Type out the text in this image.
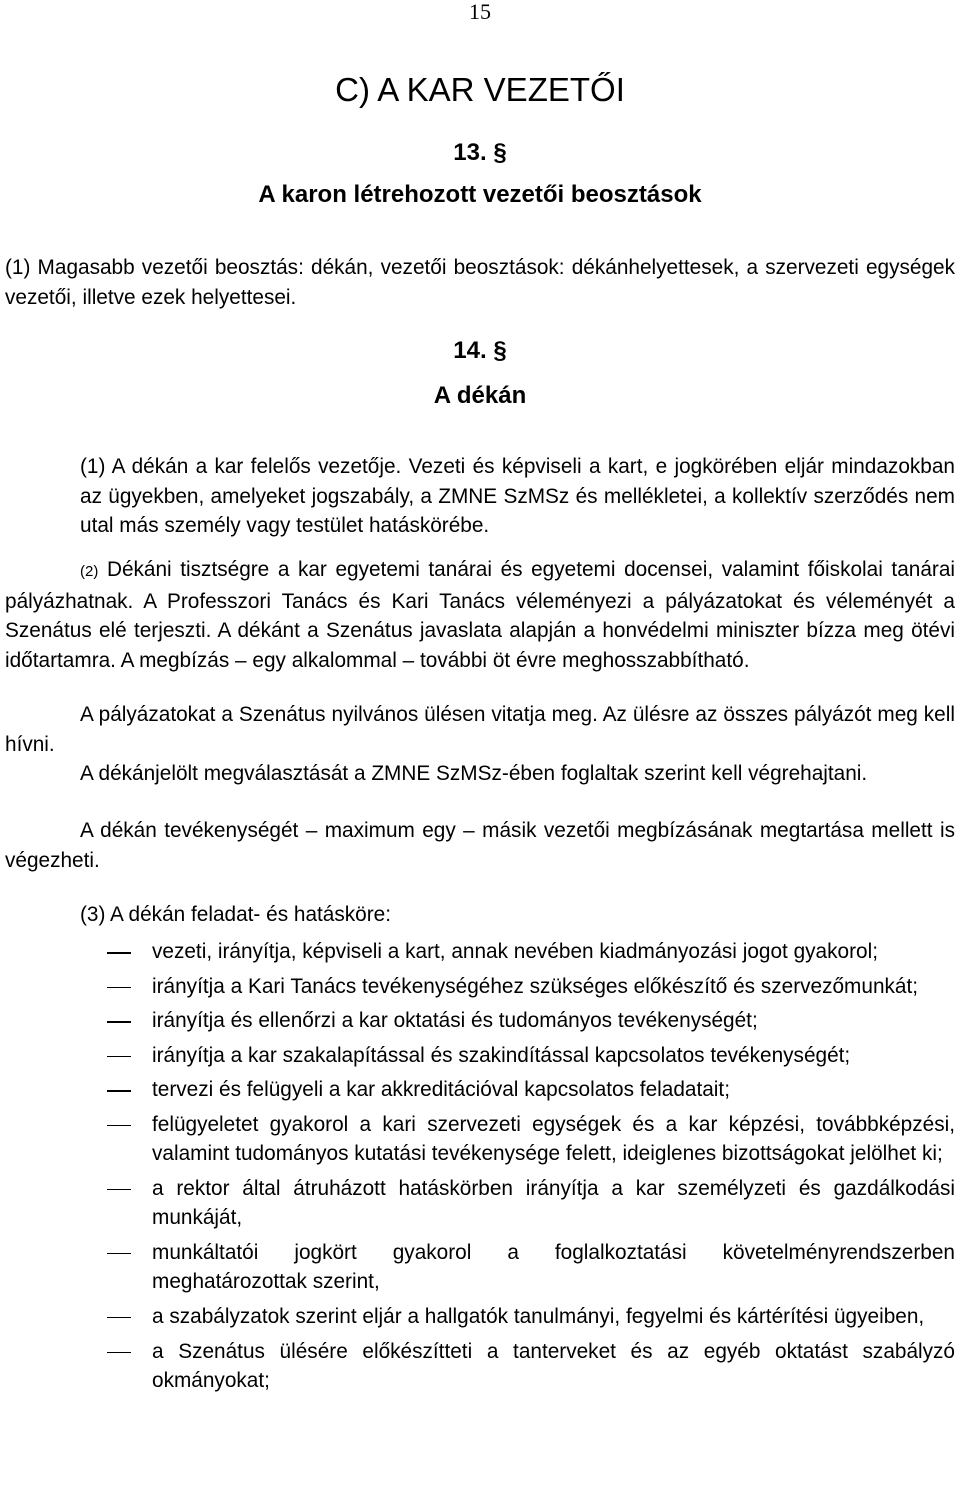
15
C) A KAR VEZETŐI
13. §
A karon létrehozott vezetői beosztások
(1) Magasabb vezetői beosztás: dékán, vezetői beosztások: dékánhelyettesek, a szervezeti egységek vezetői, illetve ezek helyettesei.
14. §
A dékán
(1) A dékán a kar felelős vezetője. Vezeti és képviseli a kart, e jogkörében eljár mindazokban az ügyekben, amelyeket jogszabály, a ZMNE SzMSz és mellékletei, a kollektív szerződés nem utal más személy vagy testület hatáskörébe.
(2) Dékáni tisztségre a kar egyetemi tanárai és egyetemi docensei, valamint főiskolai tanárai pályázhatnak. A Professzori Tanács és Kari Tanács véleményezi a pályázatokat és véleményét a Szenátus elé terjeszti. A dékánt a Szenátus javaslata alapján a honvédelmi miniszter bízza meg ötévi időtartamra. A megbízás – egy alkalommal – további öt évre meghosszabbítható.
A pályázatokat a Szenátus nyilvános ülésen vitatja meg. Az ülésre az összes pályázót meg kell hívni.
A dékánjelölt megválasztását a ZMNE SzMSz-ében foglaltak szerint kell végrehajtani.
A dékán tevékenységét – maximum egy – másik vezetői megbízásának megtartása mellett is végezheti.
(3) A dékán feladat- és hatásköre:
vezeti, irányítja, képviseli a kart, annak nevében kiadmányozási jogot gyakorol;
irányítja a Kari Tanács tevékenységéhez szükséges előkészítő és szervezőmunkát;
irányítja és ellenőrzi a kar oktatási és tudományos tevékenységét;
irányítja a kar szakalapítással és szakindítással kapcsolatos tevékenységét;
tervezi és felügyeli a kar akkreditációval kapcsolatos feladatait;
felügyeletet gyakorol a kari szervezeti egységek és a kar képzési, továbbképzési, valamint tudományos kutatási tevékenysége felett, ideiglenes bizottságokat jelölhet ki;
a rektor által átruházott hatáskörben irányítja a kar személyzeti és gazdálkodási munkáját,
munkáltatói jogkört gyakorol a foglalkoztatási követelményrendszerben meghatározottak szerint,
a szabályzatok szerint eljár a hallgatók tanulmányi, fegyelmi és kártérítési ügyeiben,
a Szenátus ülésére előkészítteti a tanterveket és az egyéb oktatást szabályzó okmányokat;
